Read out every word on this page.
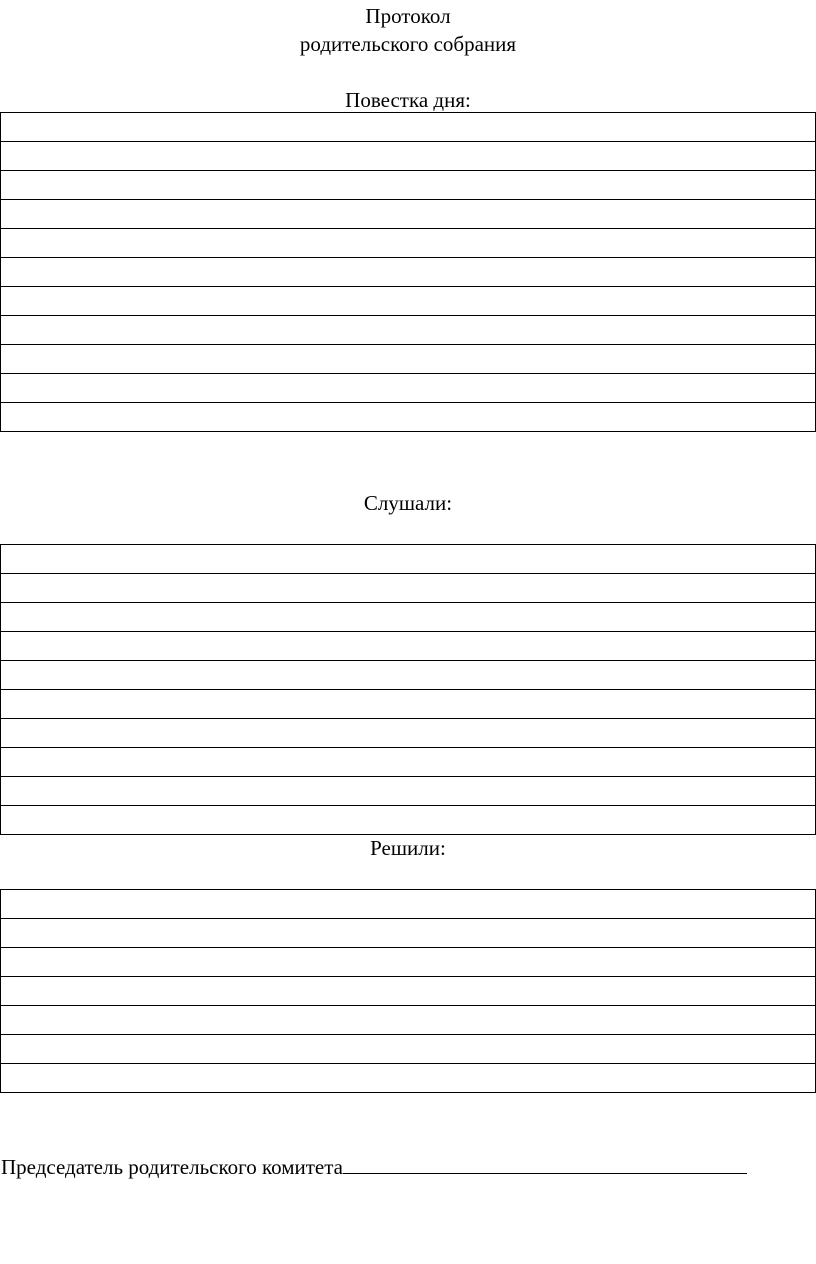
Протокол
родительского собрания
Повестка дня:

Слушали:

Решили:

Председатель родительского комитета
